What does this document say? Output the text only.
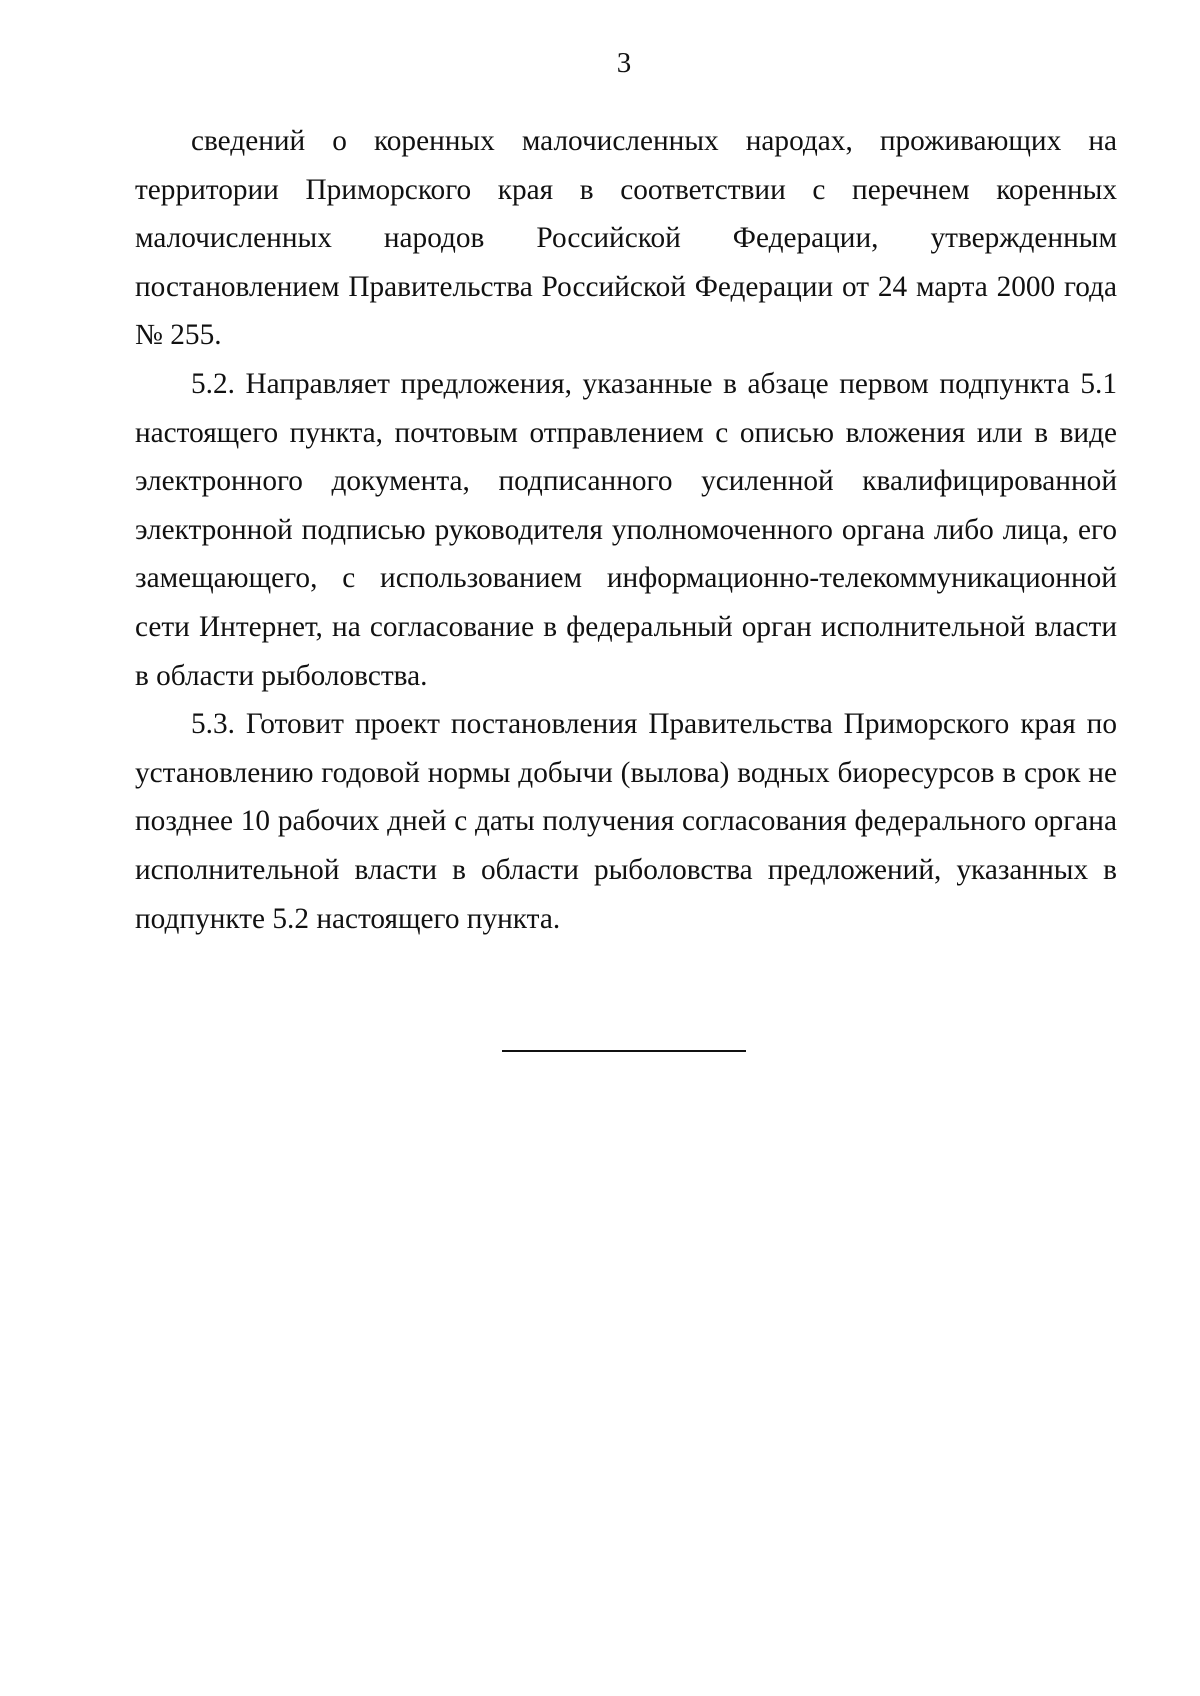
3

сведений о коренных малочисленных народах, проживающих на территории Приморского края в соответствии с перечнем коренных малочисленных народов Российской Федерации, утвержденным постановлением Правительства Российской Федерации от 24 марта 2000 года № 255.

5.2. Направляет предложения, указанные в абзаце первом подпункта 5.1 настоящего пункта, почтовым отправлением с описью вложения или в виде электронного документа, подписанного усиленной квалифицированной электронной подписью руководителя уполномоченного органа либо лица, его замещающего, с использованием информационно-телекоммуникационной сети Интернет, на согласование в федеральный орган исполнительной власти в области рыболовства.

5.3. Готовит проект постановления Правительства Приморского края по установлению годовой нормы добычи (вылова) водных биоресурсов в срок не позднее 10 рабочих дней с даты получения согласования федерального органа исполнительной власти в области рыболовства предложений, указанных в подпункте 5.2 настоящего пункта.
